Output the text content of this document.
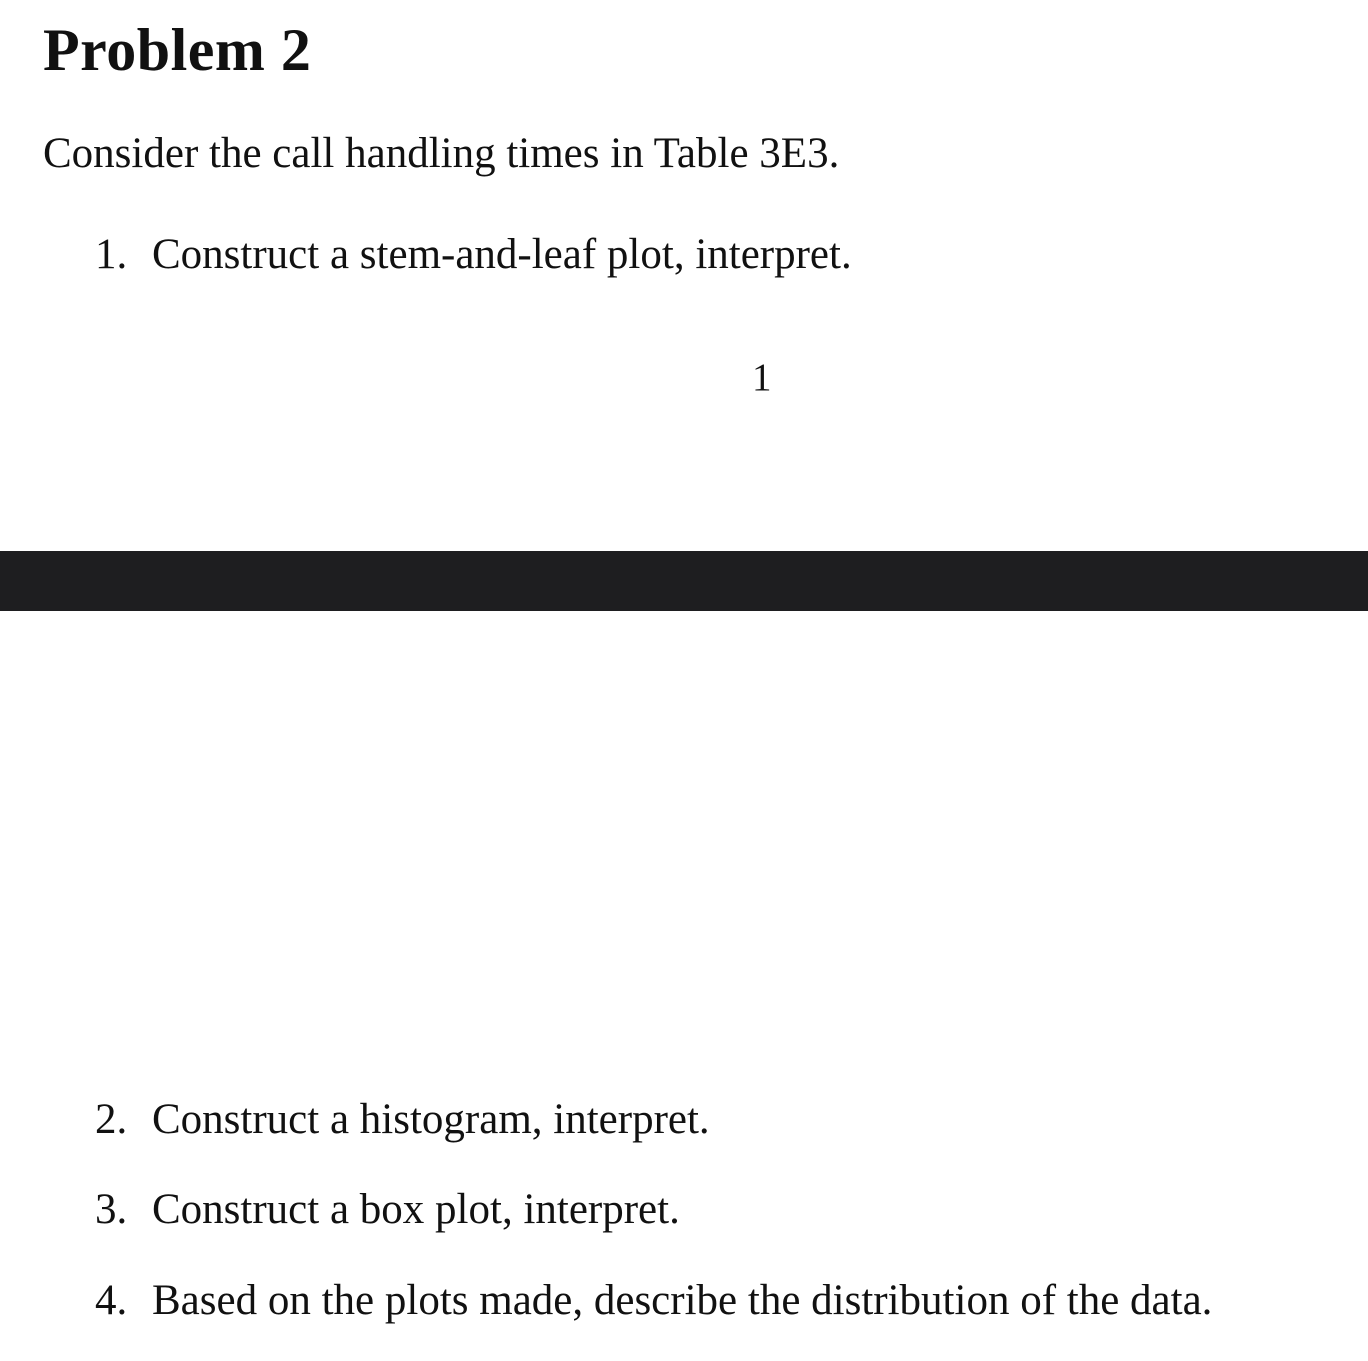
Problem 2

Consider the call handling times in Table 3E3.

1. Construct a stem-and-leaf plot, interpret.

1

2. Construct a histogram, interpret.

3. Construct a box plot, interpret.

4. Based on the plots made, describe the distribution of the data.
